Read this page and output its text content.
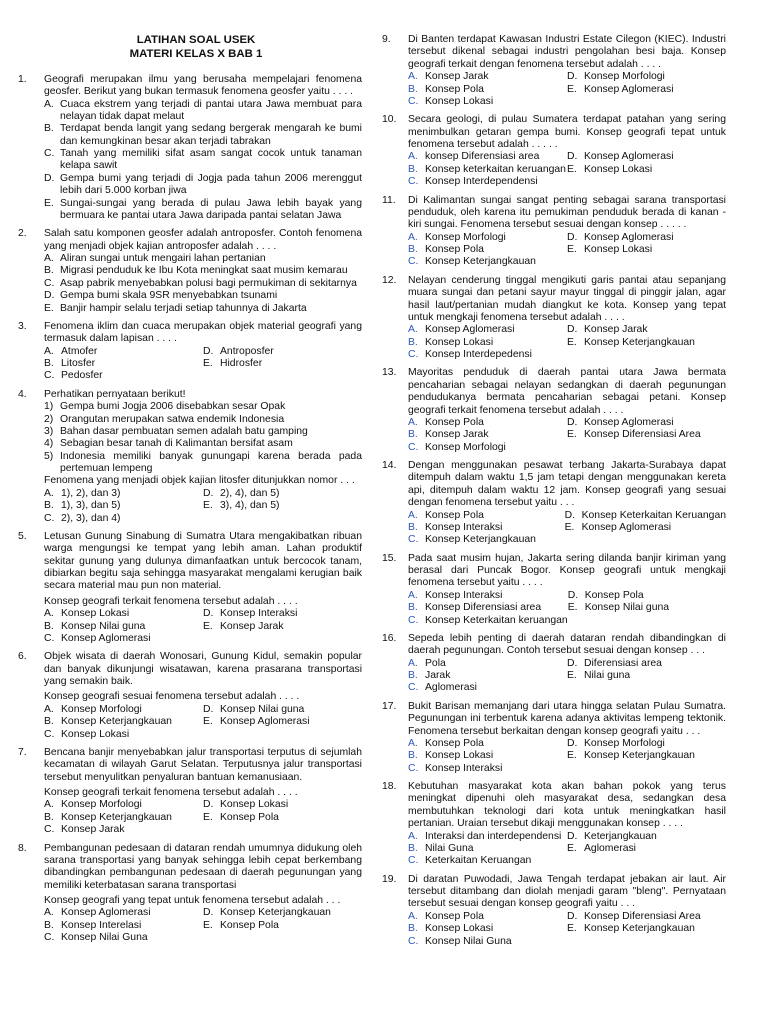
LATIHAN SOAL USEK
MATERI KELAS X BAB 1
1. Geografi merupakan ilmu yang berusaha mempelajari fenomena geosfer. Berikut yang bukan termasuk fenomena geosfer yaitu . . . .

A. Cuaca ekstrem yang terjadi di pantai utara Jawa membuat para nelayan tidak dapat melaut
B. Terdapat benda langit yang sedang bergerak mengarah ke bumi dan kemungkinan besar akan terjadi tabrakan
C. Tanah yang memiliki sifat asam sangat cocok untuk tanaman kelapa sawit
D. Gempa bumi yang terjadi di Jogja pada tahun 2006 merenggut lebih dari 5.000 korban jiwa
E. Sungai-sungai yang berada di pulau Jawa lebih bayak yang bermuara ke pantai utara Jawa daripada pantai selatan Jawa
2. Salah satu komponen geosfer adalah antroposfer. Contoh fenomena yang menjadi objek kajian antroposfer adalah . . . .

A. Aliran sungai untuk mengairi lahan pertanian
B. Migrasi penduduk ke Ibu Kota meningkat saat musim kemarau
C. Asap pabrik menyebabkan polusi bagi permukiman di sekitarnya
D. Gempa bumi skala 9SR menyebabkan tsunami
E. Banjir hampir selalu terjadi setiap tahunnya di Jakarta
3. Fenomena iklim dan cuaca merupakan objek material geografi yang termasuk dalam lapisan . . . .

A. Atmofer	D. Antroposfer
B. Litosfer	E. Hidrosfer
C. Pedosfer
4. Perhatikan pernyataan berikut!

1) Gempa bumi Jogja 2006 disebabkan sesar Opak
2) Orangutan merupakan satwa endemik Indonesia
3) Bahan dasar pembuatan semen adalah batu gamping
4) Sebagian besar tanah di Kalimantan bersifat asam
5) Indonesia memiliki banyak gunungapi karena berada pada pertemuan lempeng

Fenomena yang menjadi objek kajian litosfer ditunjukkan nomor . . .

A. 1), 2), dan 3)	D. 2), 4), dan 5)
B. 1), 3), dan 5)	E. 3), 4), dan 5)
C. 2), 3), dan 4)
5. Letusan Gunung Sinabung di Sumatra Utara mengakibatkan ribuan warga mengungsi ke tempat yang lebih aman. Lahan produktif sekitar gunung yang dulunya dimanfaatkan untuk bercocok tanam, dibiarkan begitu saja sehingga masyarakat mengalami kerugian baik secara material mau pun non material.

Konsep geografi terkait fenomena tersebut adalah . . . .

A. Konsep Lokasi	D. Konsep Interaksi
B. Konsep Nilai guna	E. Konsep Jarak
C. Konsep Aglomerasi
6. Objek wisata di daerah Wonosari, Gunung Kidul, semakin popular dan banyak dikunjungi wisatawan, karena prasarana transportasi yang semakin baik.

Konsep geografi sesuai fenomena tersebut adalah . . . .

A. Konsep Morfologi	D. Konsep Nilai guna
B. Konsep Keterjangkauan	E. Konsep Aglomerasi
C. Konsep Lokasi
7. Bencana banjir menyebabkan jalur transportasi terputus di sejumlah kecamatan di wilayah Garut Selatan. Terputusnya jalur transportasi tersebut menyulitkan penyaluran bantuan kemanusiaan.

Konsep geografi terkait fenomena tersebut adalah . . . .

A. Konsep Morfologi	D. Konsep Lokasi
B. Konsep Keterjangkauan	E. Konsep Pola
C. Konsep Jarak
8. Pembangunan pedesaan di dataran rendah umumnya didukung oleh sarana transportasi yang banyak sehingga lebih cepat berkembang dibandingkan pembangunan pedesaan di daerah pegunungan yang memiliki keterbatasan sarana transportasi

Konsep geografi yang tepat untuk fenomena tersebut adalah . . .

A. Konsep Aglomerasi	D. Konsep Keterjangkauan
B. Konsep Interelasi	E. Konsep Pola
C. Konsep Nilai Guna
9. Di Banten terdapat Kawasan Industri Estate Cilegon (KIEC). Industri tersebut dikenal sebagai industri pengolahan besi baja. Konsep geografi terkait dengan fenomena tersebut adalah . . . .

A. Konsep Jarak	D. Konsep Morfologi
B. Konsep Pola	E. Konsep Aglomerasi
C. Konsep Lokasi
10. Secara geologi, di pulau Sumatera terdapat patahan yang sering menimbulkan getaran gempa bumi. Konsep geografi tepat untuk fenomena tersebut adalah . . . . .

A. konsep Diferensiasi area	D. Konsep Aglomerasi
B. Konsep keterkaitan keruangan E. Konsep Lokasi
C. Konsep Interdependensi
11. Di Kalimantan sungai sangat penting sebagai sarana transportasi penduduk, oleh karena itu pemukiman penduduk berada di kanan - kiri sungai. Fenomena tersebut sesuai dengan konsep . . . . .

A. Konsep Morfologi	D. Konsep Aglomerasi
B. Konsep Pola	E. Konsep Lokasi
C. Konsep Keterjangkauan
12. Nelayan cenderung tinggal mengikuti garis pantai atau sepanjang muara sungai dan petani sayur mayur tinggal di pinggir jalan, agar hasil laut/pertanian mudah diangkut ke kota. Konsep yang tepat untuk mengkaji fenomena tersebut adalah . . . .

A. Konsep Aglomerasi	D. Konsep Jarak
B. Konsep Lokasi	E. Konsep Keterjangkauan
C. Konsep Interdepedensi
13. Mayoritas penduduk di daerah pantai utara Jawa bermata pencaharian sebagai nelayan sedangkan di daerah pegunungan pendudukanya bermata pencaharian sebagai petani. Konsep geografi terkait fenomena tersebut adalah . . . .

A. Konsep Pola	D. Konsep Aglomerasi
B. Konsep Jarak	E. Konsep Diferensiasi Area
C. Konsep Morfologi
14. Dengan menggunakan pesawat terbang Jakarta-Surabaya dapat ditempuh dalam waktu 1,5 jam tetapi dengan menggunakan kereta api, ditempuh dalam waktu 12 jam. Konsep geografi yang sesuai dengan fenomena tersebut yaitu . . .

A. Konsep Pola	D. Konsep Keterkaitan Keruangan
B. Konsep Interaksi	E. Konsep Aglomerasi
C. Konsep Keterjangkauan
15. Pada saat musim hujan, Jakarta sering dilanda banjir kiriman yang berasal dari Puncak Bogor. Konsep geografi untuk mengkaji fenomena tersebut yaitu . . . .

A. Konsep Interaksi	D. Konsep Pola
B. Konsep Diferensiasi area	E. Konsep Nilai guna
C. Konsep Keterkaitan keruangan
16. Sepeda lebih penting di daerah dataran rendah dibandingkan di daerah pegunungan. Contoh tersebut sesuai dengan konsep . . .

A. Pola	D. Diferensiasi area
B. Jarak	E. Nilai guna
C. Aglomerasi
17. Bukit Barisan memanjang dari utara hingga selatan Pulau Sumatra. Pegunungan ini terbentuk karena adanya aktivitas lempeng tektonik. Fenomena tersebut berkaitan dengan konsep geografi yaitu . . .

A. Konsep Pola	D. Konsep Morfologi
B. Konsep Lokasi	E. Konsep Keterjangkauan
C. Konsep Interaksi
18. Kebutuhan masyarakat kota akan bahan pokok yang terus meningkat dipenuhi oleh masyarakat desa, sedangkan desa membutuhkan teknologi dari kota untuk meningkatkan hasil pertanian. Uraian tersebut dikaji menggunakan konsep . . . .

A. Interaksi dan interdependensi D. Keterjangkauan
B. Nilai Guna	E. Aglomerasi
C. Keterkaitan Keruangan
19. Di daratan Puwodadi, Jawa Tengah terdapat jebakan air laut. Air tersebut ditambang dan diolah menjadi garam "bleng". Pernyataan tersebut sesuai dengan konsep geografi yaitu . . .

A. Konsep Pola	D. Konsep Diferensiasi Area
B. Konsep Lokasi	E. Konsep Keterjangkauan
C. Konsep Nilai Guna
